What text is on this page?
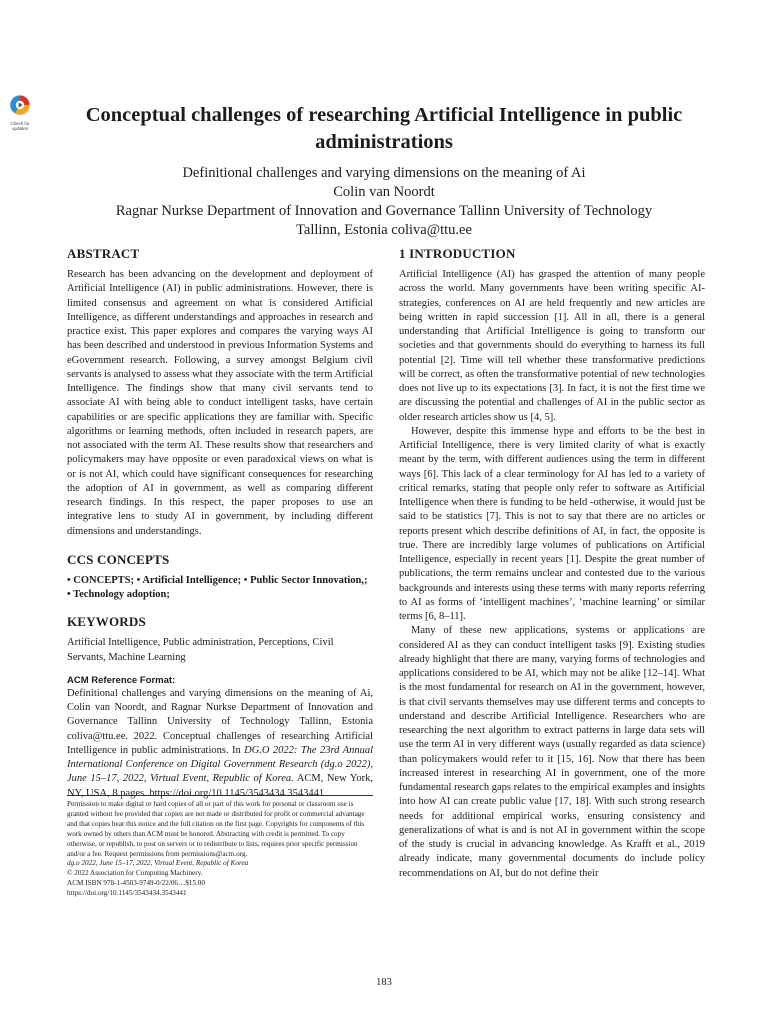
Check for
updates
Conceptual challenges of researching Artificial Intelligence in public administrations
Definitional challenges and varying dimensions on the meaning of Ai
Colin van Noordt
Ragnar Nurkse Department of Innovation and Governance Tallinn University of Technology
Tallinn, Estonia coliva@ttu.ee
ABSTRACT

Research has been advancing on the development and deployment of Artificial Intelligence (AI) in public administrations. However, there is limited consensus and agreement on what is considered Artificial Intelligence, as different understandings and approaches in research and practice exist. This paper explores and compares the varying ways AI has been described and understood in previous Information Systems and eGovernment research. Following, a survey amongst Belgium civil servants is analysed to assess what they associate with the term Artificial Intelligence. The findings show that many civil servants tend to associate AI with being able to conduct intelligent tasks, have certain capabilities or are specific applications they are familiar with. Specific algorithms or learning methods, often included in research papers, are not associated with the term AI. These results show that researchers and policymakers may have opposite or even paradoxical views on what is or is not AI, which could have significant consequences for researching the adoption of AI in government, as well as comparing different research findings. In this respect, the paper proposes to use an integrative lens to study AI in government, by including different dimensions and understandings.

CCS CONCEPTS

• CONCEPTS; • Artificial Intelligence; • Public Sector Innovation,; • Technology adoption;

KEYWORDS

Artificial Intelligence, Public administration, Perceptions, Civil Servants, Machine Learning

ACM Reference Format:

Definitional challenges and varying dimensions on the meaning of Ai, Colin van Noordt, and Ragnar Nurkse Department of Innovation and Governance Tallinn University of Technology Tallinn, Estonia coliva@ttu.ee. 2022. Conceptual challenges of researching Artificial Intelligence in public administrations. In DG.O 2022: The 23rd Annual International Conference on Digital Government Research (dg.o 2022), June 15–17, 2022, Virtual Event, Republic of Korea. ACM, New York, NY, USA, 8 pages. https://doi.org/10.1145/3543434.3543441

Permission to make digital or hard copies of all or part of this work for personal or classroom use is granted without fee provided that copies are not made or distributed for profit or commercial advantage and that copies bear this notice and the full citation on the first page. Copyrights for components of this work owned by others than ACM must be honored. Abstracting with credit is permitted. To copy otherwise, or republish, to post on servers or to redistribute to lists, requires prior specific permission and/or a fee. Request permissions from permissions@acm.org.

dg.o 2022, June 15–17, 2022, Virtual Event, Republic of Korea

© 2022 Association for Computing Machinery.

ACM ISBN 978-1-4503-9749-0/22/06…$15.00

https://doi.org/10.1145/3543434.3543441

1 INTRODUCTION

Artificial Intelligence (AI) has grasped the attention of many people across the world. Many governments have been writing specific AI-strategies, conferences on AI are held frequently and new articles are being written in rapid succession [1]. All in all, there is a general understanding that Artificial Intelligence is going to transform our societies and that governments should do everything to harness its full potential [2]. Time will tell whether these transformative predictions will be correct, as often the transformative potential of new technologies does not live up to its expectations [3]. In fact, it is not the first time we are discussing the potential and challenges of AI in the public sector as older research articles show us [4, 5].

However, despite this immense hype and efforts to be the best in Artificial Intelligence, there is very limited clarity of what is exactly meant by the term, with different audiences using the term in different ways [6]. This lack of a clear terminology for AI has led to a variety of critical remarks, stating that people only refer to software as Artificial Intelligence when there is funding to be held -otherwise, it would just be said to be statistics [7]. This is not to say that there are no articles or reports present which describe definitions of AI, in fact, the opposite is true. There are incredibly large volumes of publications on Artificial Intelligence, especially in recent years [1]. Despite the great number of publications, the term remains unclear and contested due to the various backgrounds and interests using these terms with many reports referring to AI as forms of ‘intelligent machines’, ‘machine learning’ or similar terms [6, 8–11].

Many of these new applications, systems or applications are considered AI as they can conduct intelligent tasks [9]. Existing studies already highlight that there are many, varying forms of technologies and applications considered to be AI, which may not be alike [12–14]. What is the most fundamental for research on AI in the government, however, is that civil servants themselves may use different terms and concepts to understand and describe Artificial Intelligence. Researchers who are researching the next algorithm to extract patterns in large data sets will use the term AI in very different ways (usually regarded as data science) than policymakers would refer to it [15, 16]. Now that there has been increased interest in researching AI in government, one of the more fundamental research gaps relates to the empirical examples and insights into how AI can create public value [17, 18]. With such strong research needs for additional empirical works, ensuring consistency and generalizations of what is and is not AI in government within the scope of the study is crucial in advancing knowledge. As Krafft et al., 2019 already indicate, many governmental documents do include policy recommendations on AI, but do not define their

183
